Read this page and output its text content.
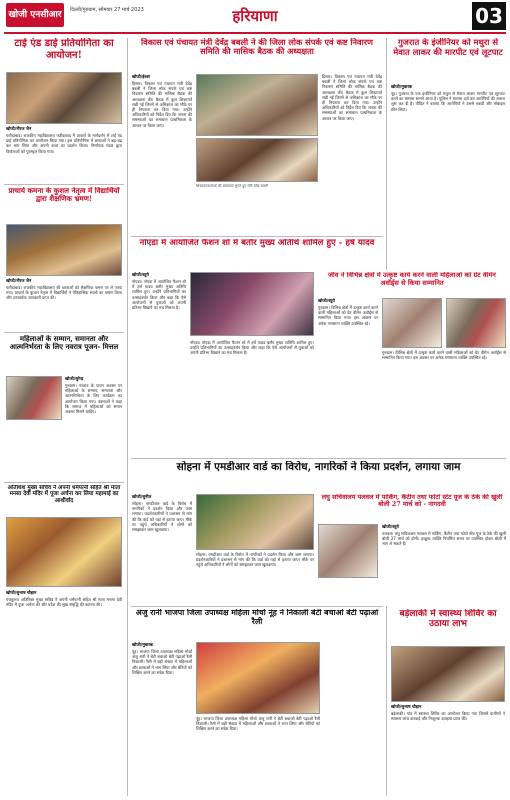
खोजी एनसीआर	दिल्ली/गुरुग्राम, सोमवार 27 मार्च 2023	हरियाणा	03
टाई एंड डाई प्रतियोगिता का आयोजन!
खोजी/नीरज जैन
फरीदाबाद। राजकीय महाविद्यालय फरीदाबाद में प्राचार्य के मार्गदर्शन में टाई एंड डाई प्रतियोगिता का आयोजन किया गया। इस प्रतियोगिता में छात्राओं ने बढ़-चढ़ कर भाग लिया और अपनी कला का प्रदर्शन किया। निर्णायक मंडल द्वारा विजेताओं को पुरस्कृत किया गया।
प्राचार्य कमना के कुशल नेतृत्व में विद्यार्थियों द्वारा शैक्षणिक भ्रमण!
खोजी/नीरज जैन
फरीदाबाद। राजकीय महाविद्यालय की छात्राओं को शैक्षणिक भ्रमण पर ले जाया गया। प्राचार्य के कुशल नेतृत्व में विद्यार्थियों ने ऐतिहासिक स्थलों का भ्रमण किया और ज्ञानवर्धक जानकारी प्राप्त की।
महिलाओं के सम्मान, समानता और आत्मनिर्भरता के लिए नवरात्र पूजन- मित्तल
खोजी/सुरेन्द्र
गुरुग्राम। नवरात्र के पावन अवसर पर महिलाओं के सम्मान, समानता और आत्मनिर्भरता के लिए कार्यक्रम का आयोजन किया गया। वक्ताओं ने कहा कि समाज में महिलाओं को समान अवसर मिलने चाहिए।
अतिथिश मुख्य सचिव ने अपनी धर्मपत्नी सहित श्री माता मनसा देवी मंदिर में पूजा अर्चना कर लिया महामाई का आशीर्वाद
खोजी/सुभाष चौहान
पंचकूला। अतिरिक्त मुख्य सचिव ने अपनी धर्मपत्नी सहित श्री माता मनसा देवी मंदिर में पूजा अर्चना की और प्रदेश की सुख समृद्धि की कामना की।
विकास एवं पंचायत मंत्री देवेंद्र बबली ने की जिला लोक संपर्क एवं कष्ट निवारण समिति की मासिक बैठक की अध्यक्षता
खोजी/ईश्वर
हिसार। विकास एवं पंचायत मंत्री देवेंद्र बबली ने जिला लोक संपर्क एवं कष्ट निवारण समिति की मासिक बैठक की अध्यक्षता की। बैठक में कुल शिकायतें रखी गईं जिनमें से अधिकांश का मौके पर ही निपटारा कर दिया गया। उन्होंने अधिकारियों को निर्देश दिए कि जनता की समस्याओं का समाधान प्राथमिकता के आधार पर किया जाए।
शिकायतकर्ताओं की समस्याएं सुनते हुए मंत्री देवेंद्र बबली
हिसार। विकास एवं पंचायत मंत्री देवेंद्र बबली ने जिला लोक संपर्क एवं कष्ट निवारण समिति की मासिक बैठक की अध्यक्षता की। बैठक में कुल शिकायतें रखी गईं जिनमें से अधिकांश का मौके पर ही निपटारा कर दिया गया। उन्होंने अधिकारियों को निर्देश दिए कि जनता की समस्याओं का समाधान प्राथमिकता के आधार पर किया जाए।
नोएडा में आयोजित फैशन शो में बतौर मुख्य अतिथि शामिल हुए - हर्ष यादव
खोजी/ब्यूरो
नोएडा। नोएडा में आयोजित फैशन शो में हर्ष यादव बतौर मुख्य अतिथि शामिल हुए। उन्होंने प्रतिभागियों का उत्साहवर्धन किया और कहा कि ऐसे आयोजनों से युवाओं को अपनी प्रतिभा दिखाने का मंच मिलता है।
नोएडा। नोएडा में आयोजित फैशन शो में हर्ष यादव बतौर मुख्य अतिथि शामिल हुए। उन्होंने प्रतिभागियों का उत्साहवर्धन किया और कहा कि ऐसे आयोजनों से युवाओं को अपनी प्रतिभा दिखाने का मंच मिलता है।
जीव ने विभिन्न क्षेत्रों में उत्कृष्ट कार्य करने वाली महिलाओं को ग्रेट वीमेन अवॉर्ड्स से किया सम्मानित
खोजी/ब्यूरो
गुरुग्राम। विभिन्न क्षेत्रों में उत्कृष्ट कार्य करने वाली महिलाओं को ग्रेट वीमेन अवॉर्ड्स से सम्मानित किया गया। इस अवसर पर अनेक गणमान्य व्यक्ति उपस्थित रहे।
गुरुग्राम। विभिन्न क्षेत्रों में उत्कृष्ट कार्य करने वाली महिलाओं को ग्रेट वीमेन अवॉर्ड्स से सम्मानित किया गया। इस अवसर पर अनेक गणमान्य व्यक्ति उपस्थित रहे।
गुजरात के इंजीनियर को मथुरा से मेवात लाकर की मारपीट एवं लूटपाट
खोजी/मुबारक
नूंह। गुजरात के एक इंजीनियर को मथुरा से मेवात लाकर मारपीट एवं लूटपाट करने का मामला सामने आया है। पुलिस ने मामला दर्ज कर आरोपियों की तलाश शुरू कर दी है। पीड़ित ने बताया कि आरोपियों ने उससे नकदी और मोबाइल छीन लिया।
सोहना में एमडीआर वार्ड का विरोध, नागरिकों ने किया प्रदर्शन, लगाया जाम
खोजी/सुनील
सोहना। एमडीआर वार्ड के विरोध में नागरिकों ने प्रदर्शन किया और जाम लगाया। प्रदर्शनकारियों ने प्रशासन से मांग की कि वार्ड को यहां से हटाया जाए। मौके पर पहुंचे अधिकारियों ने लोगों को समझाकर जाम खुलवाया।
सोहना। एमडीआर वार्ड के विरोध में नागरिकों ने प्रदर्शन किया और जाम लगाया। प्रदर्शनकारियों ने प्रशासन से मांग की कि वार्ड को यहां से हटाया जाए। मौके पर पहुंचे अधिकारियों ने लोगों को समझाकर जाम खुलवाया।
लघु सचिवालय पलवल में पार्किंग, कैंटीन तथा फोटो स्टेट यूज के ठेके की खुली बोली 27 मार्च को - नागदवी
खोजी/ब्यूरो
पलवल। लघु सचिवालय पलवल में पार्किंग, कैंटीन तथा फोटो स्टेट यूज के ठेके की खुली बोली 27 मार्च को होगी। इच्छुक व्यक्ति निर्धारित समय पर उपस्थित होकर बोली में भाग ले सकते हैं।
अंजु रानी भाजपा जिला उपाध्यक्ष महिला मोर्चा नूंह ने निकाली बेटी बचाओ बेटी पढ़ाओ रैली
खोजी/मुबारक
नूंह। भाजपा जिला उपाध्यक्ष महिला मोर्चा अंजु रानी ने बेटी बचाओ बेटी पढ़ाओ रैली निकाली। रैली में बड़ी संख्या में महिलाओं और छात्राओं ने भाग लिया और बेटियों को शिक्षित करने का संदेश दिया।
नूंह। भाजपा जिला उपाध्यक्ष महिला मोर्चा अंजु रानी ने बेटी बचाओ बेटी पढ़ाओ रैली निकाली। रैली में बड़ी संख्या में महिलाओं और छात्राओं ने भाग लिया और बेटियों को शिक्षित करने का संदेश दिया।
बड़ेलाकी में स्वास्थ्य शिविर का उठाया लाभ
खोजी/सुभाष चौहान
बड़ेलाकी। गांव में स्वास्थ्य शिविर का आयोजन किया गया जिसमें ग्रामीणों ने स्वास्थ्य जांच करवाई और निःशुल्क दवाइयां प्राप्त कीं।
